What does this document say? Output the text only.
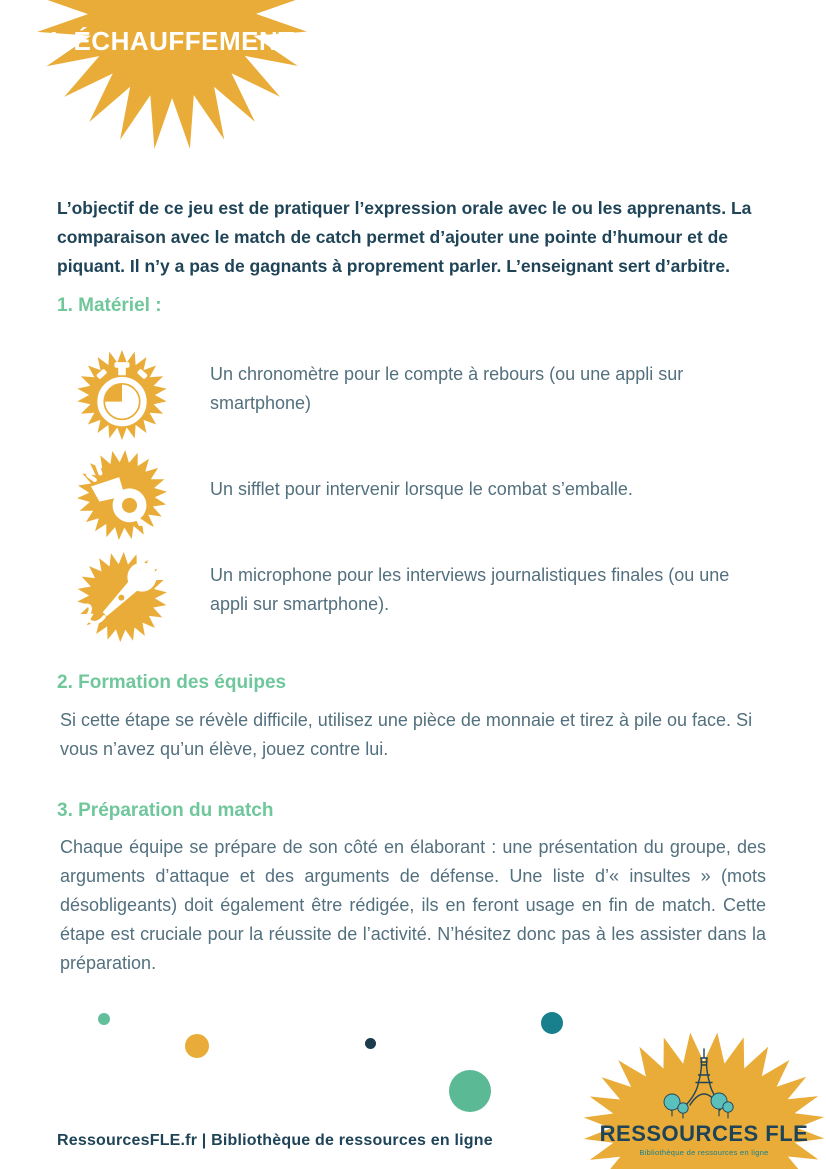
I. ÉCHAUFFEMENT
L’objectif de ce jeu est de pratiquer l’expression orale avec le ou les apprenants. La comparaison avec le match de catch permet d’ajouter une pointe d’humour et de piquant. Il n’y a pas de gagnants à proprement parler. L’enseignant sert d’arbitre.
1. Matériel :
Un chronomètre pour le compte à rebours (ou une appli sur smartphone)
Un sifflet pour intervenir lorsque le combat s’emballe.
Un microphone pour les interviews journalistiques finales (ou une appli sur smartphone).
2. Formation des équipes
Si cette étape se révèle difficile, utilisez une pièce de monnaie et tirez à pile ou face. Si vous n’avez qu’un élève, jouez contre lui.
3. Préparation du match
Chaque équipe se prépare de son côté en élaborant : une présentation du groupe, des arguments d’attaque et des arguments de défense. Une liste d’« insultes » (mots désobligeants) doit également être rédigée, ils en feront usage en fin de match. Cette étape est cruciale pour la réussite de l’activité. N’hésitez donc pas à les assister dans la préparation.
RessourcesFLE.fr | Bibliothèque de ressources en ligne	RESSOURCES FLE
Bibliothèque de ressources en ligne
